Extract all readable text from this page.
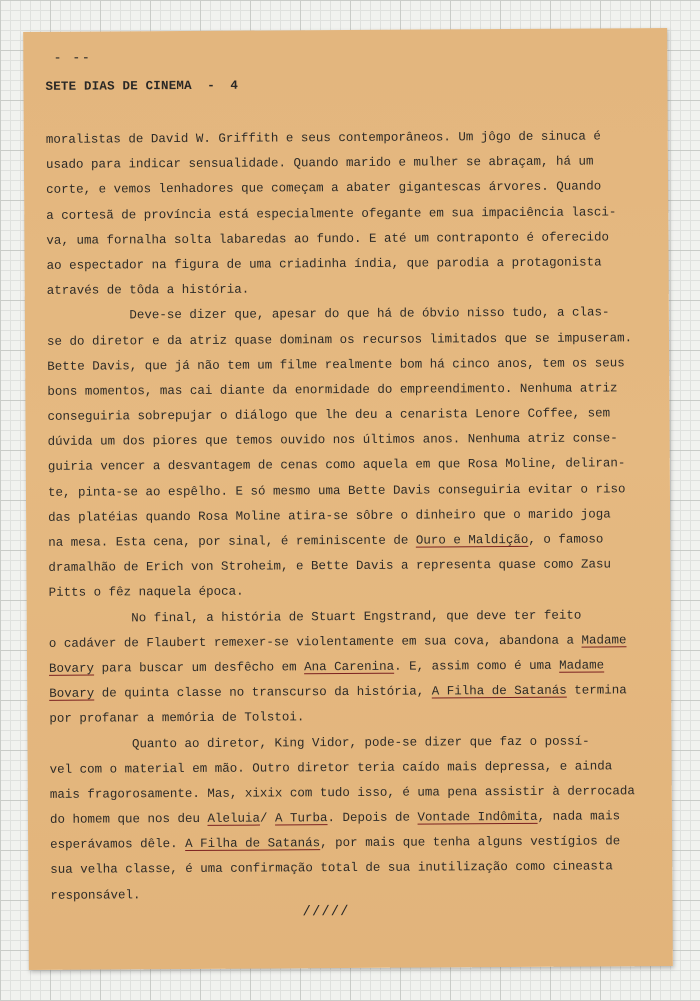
- --
SETE DIAS DE CINEMA  -  4
moralistas de David W. Griffith e seus contemporâneos. Um jôgo de sinuca é
usado para indicar sensualidade. Quando marido e mulher se abraçam, há um
corte, e vemos lenhadores que começam a abater gigantescas árvores. Quando
a cortesã de província está especialmente ofegante em sua impaciência lasci-
va, uma fornalha solta labaredas ao fundo. E até um contraponto é oferecido
ao espectador na figura de uma criadinha índia, que parodia a protagonista
através de tôda a história.
Deve-se dizer que, apesar do que há de óbvio nisso tudo, a clas-
se do diretor e da atriz quase dominam os recursos limitados que se impuseram.
Bette Davis, que já não tem um filme realmente bom há cinco anos, tem os seus
bons momentos, mas cai diante da enormidade do empreendimento. Nenhuma atriz
conseguiria sobrepujar o diálogo que lhe deu a cenarista Lenore Coffee, sem
dúvida um dos piores que temos ouvido nos últimos anos. Nenhuma atriz conse-
guiria vencer a desvantagem de cenas como aquela em que Rosa Moline, deliran-
te, pinta-se ao espêlho. E só mesmo uma Bette Davis conseguiria evitar o riso
das platéias quando Rosa Moline atira-se sôbre o dinheiro que o marido joga
na mesa. Esta cena, por sinal, é reminiscente de Ouro e Maldição, o famoso
dramalhão de Erich von Stroheim, e Bette Davis a representa quase como Zasu
Pitts o fêz naquela época.
No final, a história de Stuart Engstrand, que deve ter feito
o cadáver de Flaubert remexer-se violentamente em sua cova, abandona a Madame
Bovary para buscar um desfêcho em Ana Carenina. E, assim como é uma Madame
Bovary de quinta classe no transcurso da história, A Filha de Satanás termina
por profanar a memória de Tolstoi.
Quanto ao diretor, King Vidor, pode-se dizer que faz o possí-
vel com o material em mão. Outro diretor teria caído mais depressa, e ainda
mais fragorosamente. Mas, xixix com tudo isso, é uma pena assistir à derrocada
do homem que nos deu Aleluia/ A Turba. Depois de Vontade Indômita, nada mais
esperávamos dêle. A Filha de Satanás, por mais que tenha alguns vestígios de
sua velha classe, é uma confirmação total de sua inutilização como cineasta
responsável.
/////
